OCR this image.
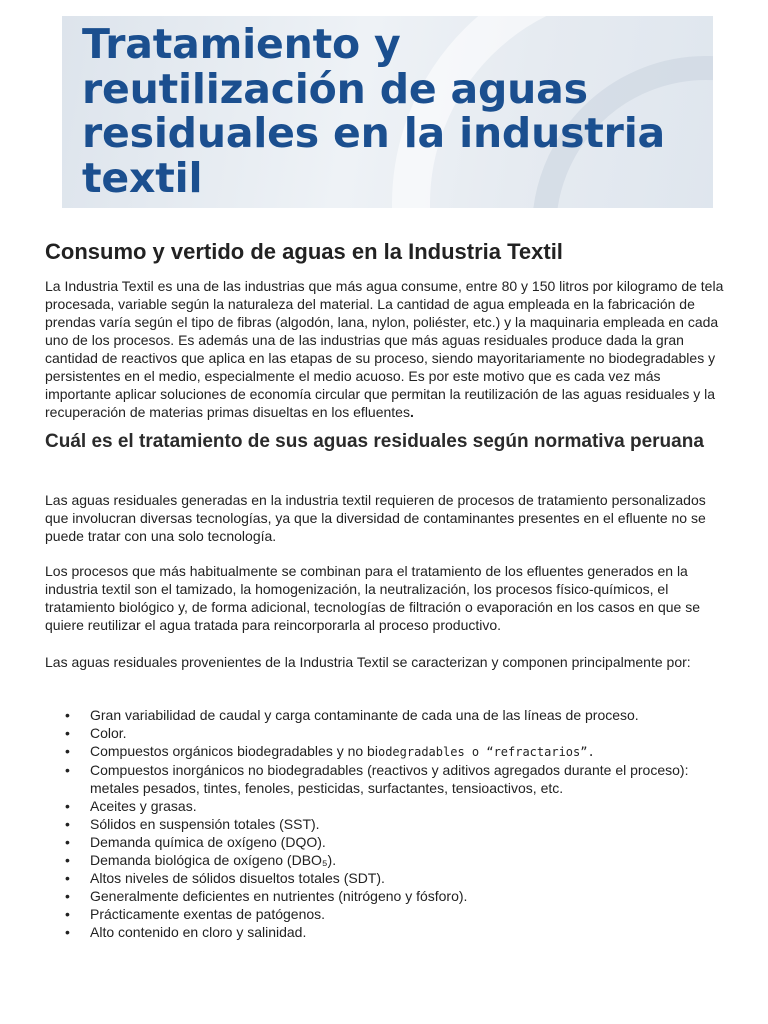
Tratamiento y
reutilización de aguas
residuales en la industria
textil
Consumo y vertido de aguas en la Industria Textil

La Industria Textil es una de las industrias que más agua consume, entre 80 y 150 litros por kilogramo de tela procesada, variable según la naturaleza del material. La cantidad de agua empleada en la fabricación de prendas varía según el tipo de fibras (algodón, lana, nylon, poliéster, etc.) y la maquinaria empleada en cada uno de los procesos. Es además una de las industrias que más aguas residuales produce dada la gran cantidad de reactivos que aplica en las etapas de su proceso, siendo mayoritariamente no biodegradables y persistentes en el medio, especialmente el medio acuoso. Es por este motivo que es cada vez más importante aplicar soluciones de economía circular que permitan la reutilización de las aguas residuales y la recuperación de materias primas disueltas en los efluentes.

Cuál es el tratamiento de sus aguas residuales según normativa peruana

Las aguas residuales generadas en la industria textil requieren de procesos de tratamiento personalizados que involucran diversas tecnologías, ya que la diversidad de contaminantes presentes en el efluente no se puede tratar con una solo tecnología.

Los procesos que más habitualmente se combinan para el tratamiento de los efluentes generados en la industria textil son el tamizado, la homogenización, la neutralización, los procesos físico-químicos, el tratamiento biológico y, de forma adicional, tecnologías de filtración o evaporación en los casos en que se quiere reutilizar el agua tratada para reincorporarla al proceso productivo.

Las aguas residuales provenientes de la Industria Textil se caracterizan y componen principalmente por:

• Gran variabilidad de caudal y carga contaminante de cada una de las líneas de proceso.
• Color.
• Compuestos orgánicos biodegradables y no biodegradables o “refractarios”.
• Compuestos inorgánicos no biodegradables (reactivos y aditivos agregados durante el proceso): metales pesados, tintes, fenoles, pesticidas, surfactantes, tensioactivos, etc.
• Aceites y grasas.
• Sólidos en suspensión totales (SST).
• Demanda química de oxígeno (DQO).
• Demanda biológica de oxígeno (DBO₅).
• Altos niveles de sólidos disueltos totales (SDT).
• Generalmente deficientes en nutrientes (nitrógeno y fósforo).
• Prácticamente exentas de patógenos.
• Alto contenido en cloro y salinidad.
